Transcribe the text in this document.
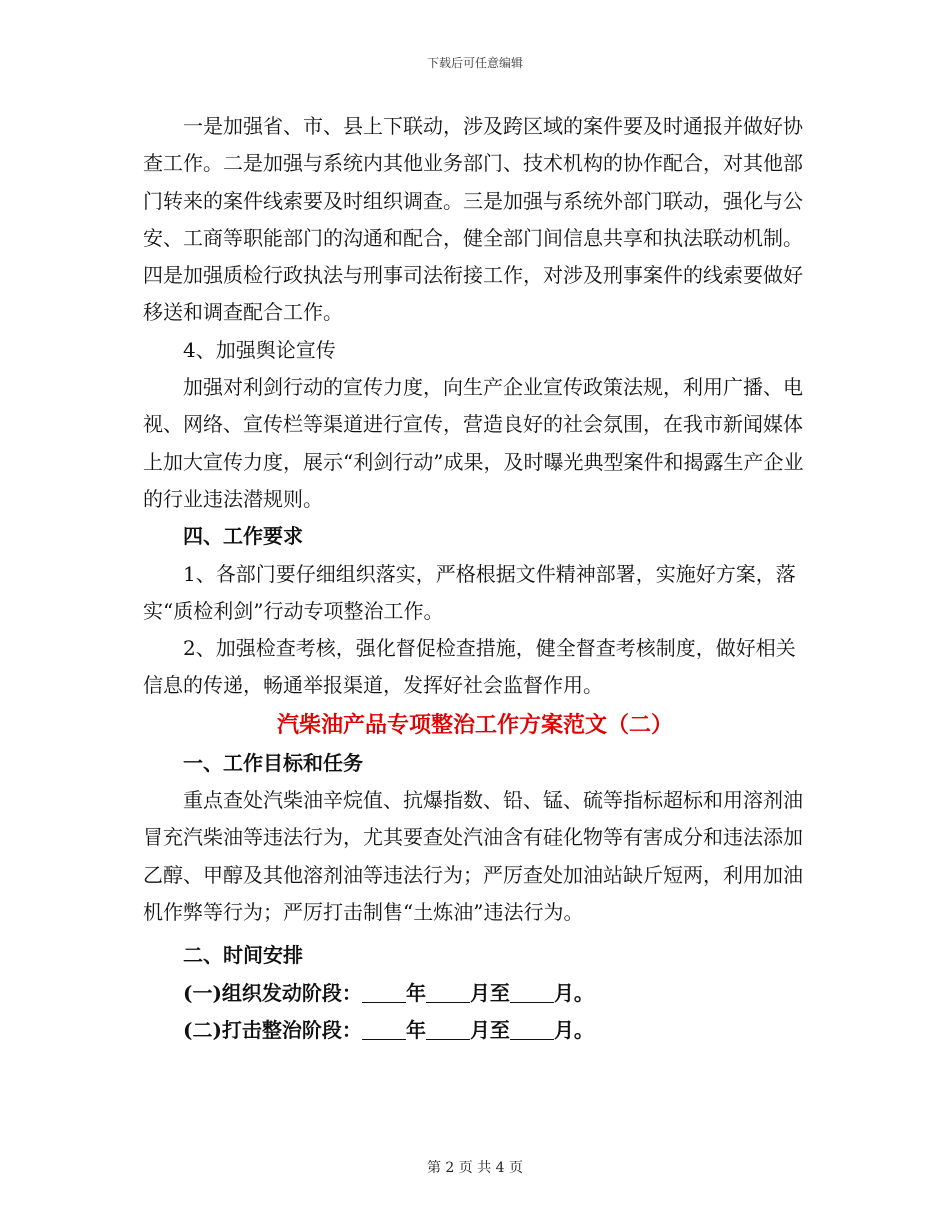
下载后可任意编辑

一是加强省、市、县上下联动，涉及跨区域的案件要及时通报并做好协查工作。二是加强与系统内其他业务部门、技术机构的协作配合，对其他部门转来的案件线索要及时组织调查。三是加强与系统外部门联动，强化与公安、工商等职能部门的沟通和配合，健全部门间信息共享和执法联动机制。四是加强质检行政执法与刑事司法衔接工作，对涉及刑事案件的线索要做好移送和调查配合工作。

4、加强舆论宣传

加强对利剑行动的宣传力度，向生产企业宣传政策法规，利用广播、电视、网络、宣传栏等渠道进行宣传，营造良好的社会氛围，在我市新闻媒体上加大宣传力度，展示“利剑行动”成果，及时曝光典型案件和揭露生产企业的行业违法潜规则。

四、工作要求

1、各部门要仔细组织落实，严格根据文件精神部署，实施好方案，落实“质检利剑”行动专项整治工作。

2、加强检查考核，强化督促检查措施，健全督查考核制度，做好相关信息的传递，畅通举报渠道，发挥好社会监督作用。

汽柴油产品专项整治工作方案范文（二）

一、工作目标和任务

重点查处汽柴油辛烷值、抗爆指数、铅、锰、硫等指标超标和用溶剂油冒充汽柴油等违法行为，尤其要查处汽油含有硅化物等有害成分和违法添加乙醇、甲醇及其他溶剂油等违法行为；严厉查处加油站缺斤短两，利用加油机作弊等行为；严厉打击制售“土炼油”违法行为。

二、时间安排

(一)组织发动阶段： 年 月至 月。

(二)打击整治阶段： 年 月至 月。

第 2 页 共 4 页
